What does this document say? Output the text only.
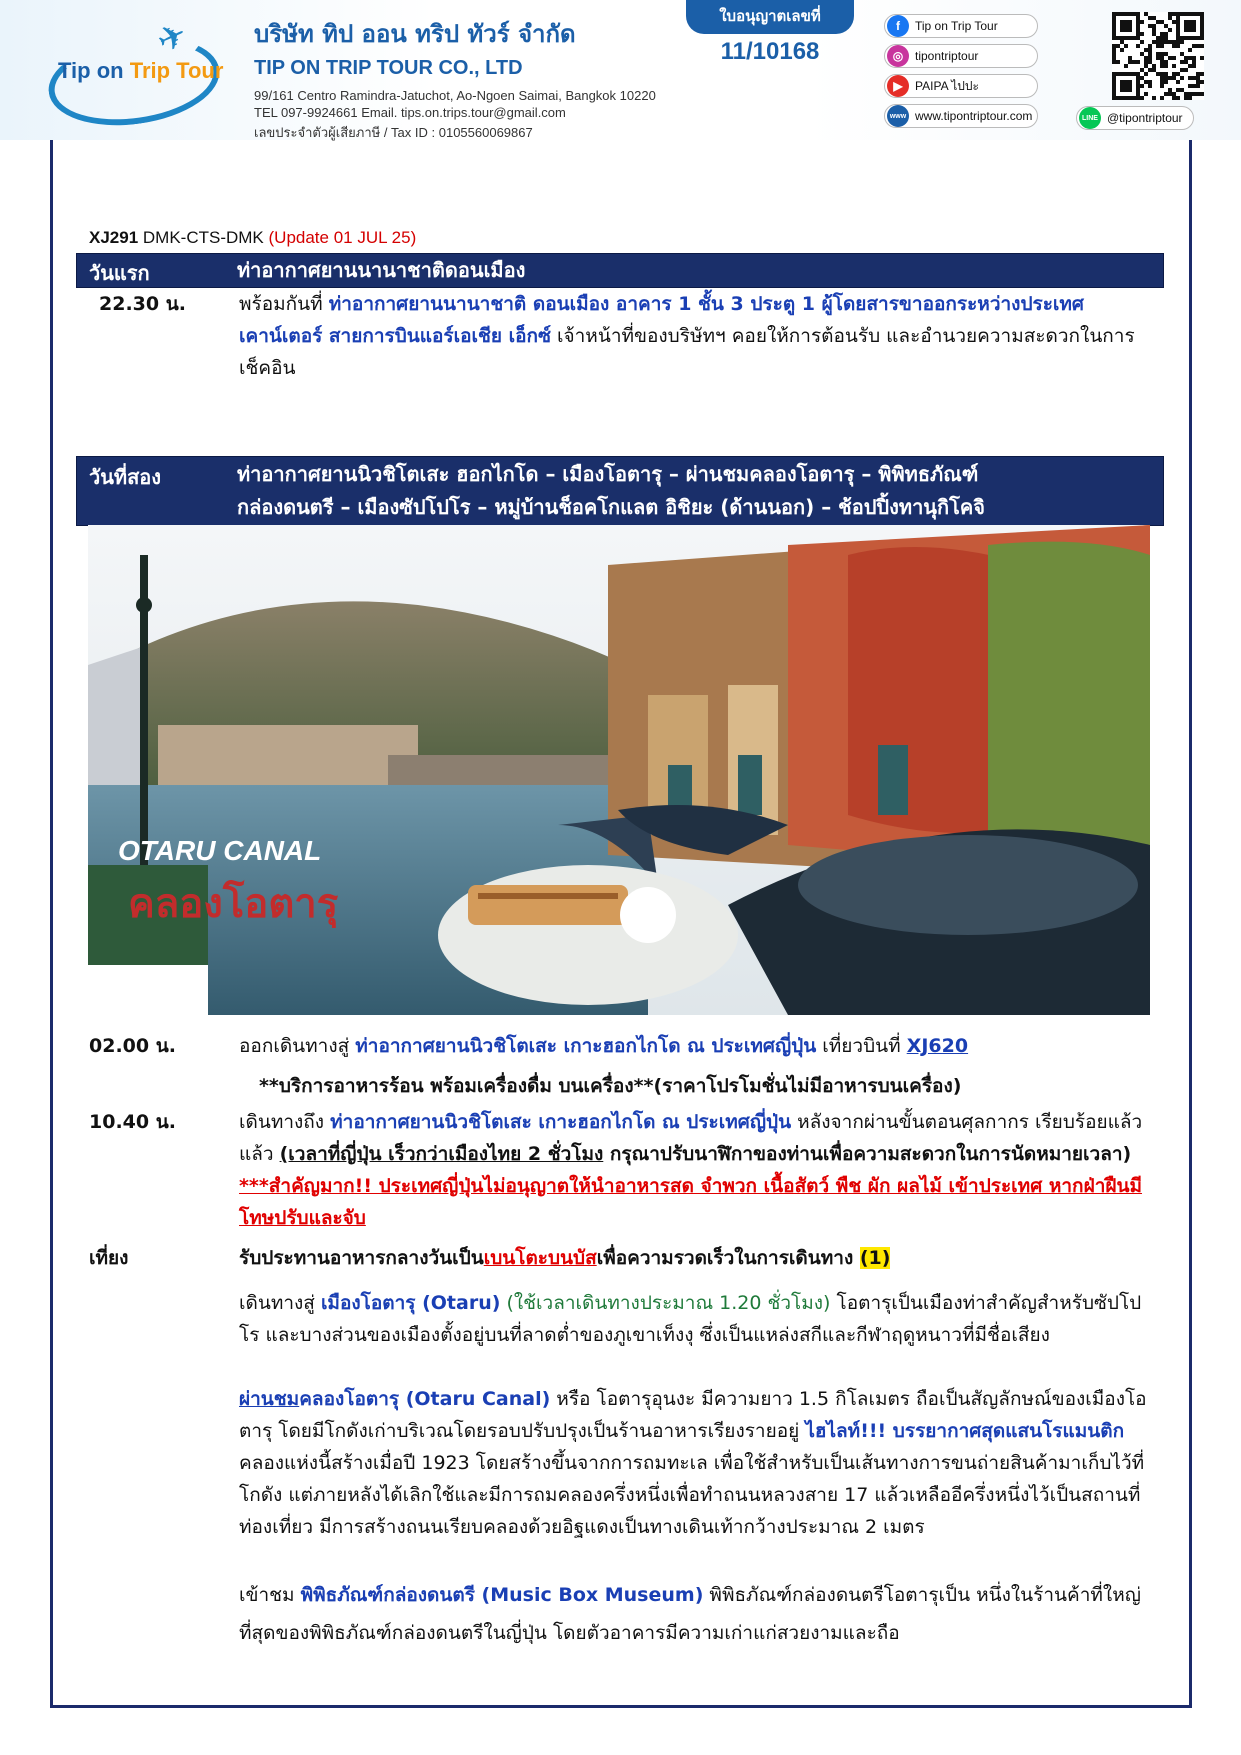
✈
Tip on Trip Tour
บริษัท ทิป ออน ทริป ทัวร์ จำกัด
TIP ON TRIP TOUR CO., LTD
99/161 Centro Ramindra-Jatuchot, Ao-Ngoen Saimai, Bangkok 10220
TEL 097-9924661 Email. tips.on.trips.tour@gmail.com
เลขประจำตัวผู้เสียภาษี / Tax ID : 0105560069867
ใบอนุญาตเลขที่
11/10168
f	Tip on Trip Tour
◎ tipontriptour
▶	PAIPA ไปปะ
www www.tipontriptour.com	LINE @tipontriptour
XJ291 DMK-CTS-DMK (Update 01 JUL 25)
วันแรก	ท่าอากาศยานนานาชาติดอนเมือง
22.30 น.	พร้อมกันที่ ท่าอากาศยานนานาชาติ ดอนเมือง อาคาร 1 ชั้น 3 ประตู 1 ผู้โดยสารขาออกระหว่างประเทศ เคาน์เตอร์ สายการบินแอร์เอเชีย เอ็กซ์ เจ้าหน้าที่ของบริษัทฯ คอยให้การต้อนรับ และอำนวยความสะดวกในการเช็คอิน
วันที่สอง	ท่าอากาศยานนิวชิโตเสะ ฮอกไกโด – เมืองโอตารุ – ผ่านชมคลองโอตารุ – พิพิทธภัณฑ์
กล่องดนตรี – เมืองซัปโปโร – หมู่บ้านช็อคโกแลต อิชิยะ (ด้านนอก) – ช้อปปิ้งทานุกิโคจิ
OTARU CANAL
คลองโอตารุ
02.00 น.	ออกเดินทางสู่ ท่าอากาศยานนิวชิโตเสะ เกาะฮอกไกโด ณ ประเทศญี่ปุ่น เที่ยวบินที่ XJ620
**บริการอาหารร้อน พร้อมเครื่องดื่ม บนเครื่อง**(ราคาโปรโมชั่นไม่มีอาหารบนเครื่อง)
10.40 น.	เดินทางถึง ท่าอากาศยานนิวชิโตเสะ เกาะฮอกไกโด ณ ประเทศญี่ปุ่น หลังจากผ่านขั้นตอนศุลกากร เรียบร้อยแล้ว แล้ว (เวลาที่ญี่ปุ่น เร็วกว่าเมืองไทย 2 ชั่วโมง กรุณาปรับนาฬิกาของท่านเพื่อความสะดวกในการนัดหมายเวลา) ***สำคัญมาก!! ประเทศญี่ปุ่นไม่อนุญาตให้นำอาหารสด จำพวก เนื้อสัตว์ พืช ผัก ผลไม้ เข้าประเทศ หากฝ่าฝืนมีโทษปรับและจับ
เที่ยง	รับประทานอาหารกลางวันเป็นเบนโตะบนบัสเพื่อความรวดเร็วในการเดินทาง (1)
เดินทางสู่ เมืองโอตารุ (Otaru) (ใช้เวลาเดินทางประมาณ 1.20 ชั่วโมง) โอตารุเป็นเมืองท่าสำคัญสำหรับซัปโปโร และบางส่วนของเมืองตั้งอยู่บนที่ลาดต่ำของภูเขาเท็งงุ ซึ่งเป็นแหล่งสกีและกีฬาฤดูหนาวที่มีชื่อเสียง
ผ่านชมคลองโอตารุ (Otaru Canal) หรือ โอตารุอุนงะ มีความยาว 1.5 กิโลเมตร ถือเป็นสัญลักษณ์ของเมืองโอตารุ โดยมีโกดังเก่าบริเวณโดยรอบปรับปรุงเป็นร้านอาหารเรียงรายอยู่ ไฮไลท์!!! บรรยากาศสุดแสนโรแมนติก คลองแห่งนี้สร้างเมื่อปี 1923 โดยสร้างขึ้นจากการถมทะเล เพื่อใช้สำหรับเป็นเส้นทางการขนถ่ายสินค้ามาเก็บไว้ที่โกดัง แต่ภายหลังได้เลิกใช้และมีการถมคลองครึ่งหนึ่งเพื่อทำถนนหลวงสาย 17 แล้วเหลืออีครึ่งหนึ่งไว้เป็นสถานที่ท่องเที่ยว มีการสร้างถนนเรียบคลองด้วยอิฐแดงเป็นทางเดินเท้ากว้างประมาณ 2 เมตร
เข้าชม พิพิธภัณฑ์กล่องดนตรี (Music Box Museum) พิพิธภัณฑ์กล่องดนตรีโอตารุเป็น หนึ่งในร้านค้าที่ใหญ่ที่สุดของพิพิธภัณฑ์กล่องดนตรีในญี่ปุ่น โดยตัวอาคารมีความเก่าแก่สวยงามและถือ
